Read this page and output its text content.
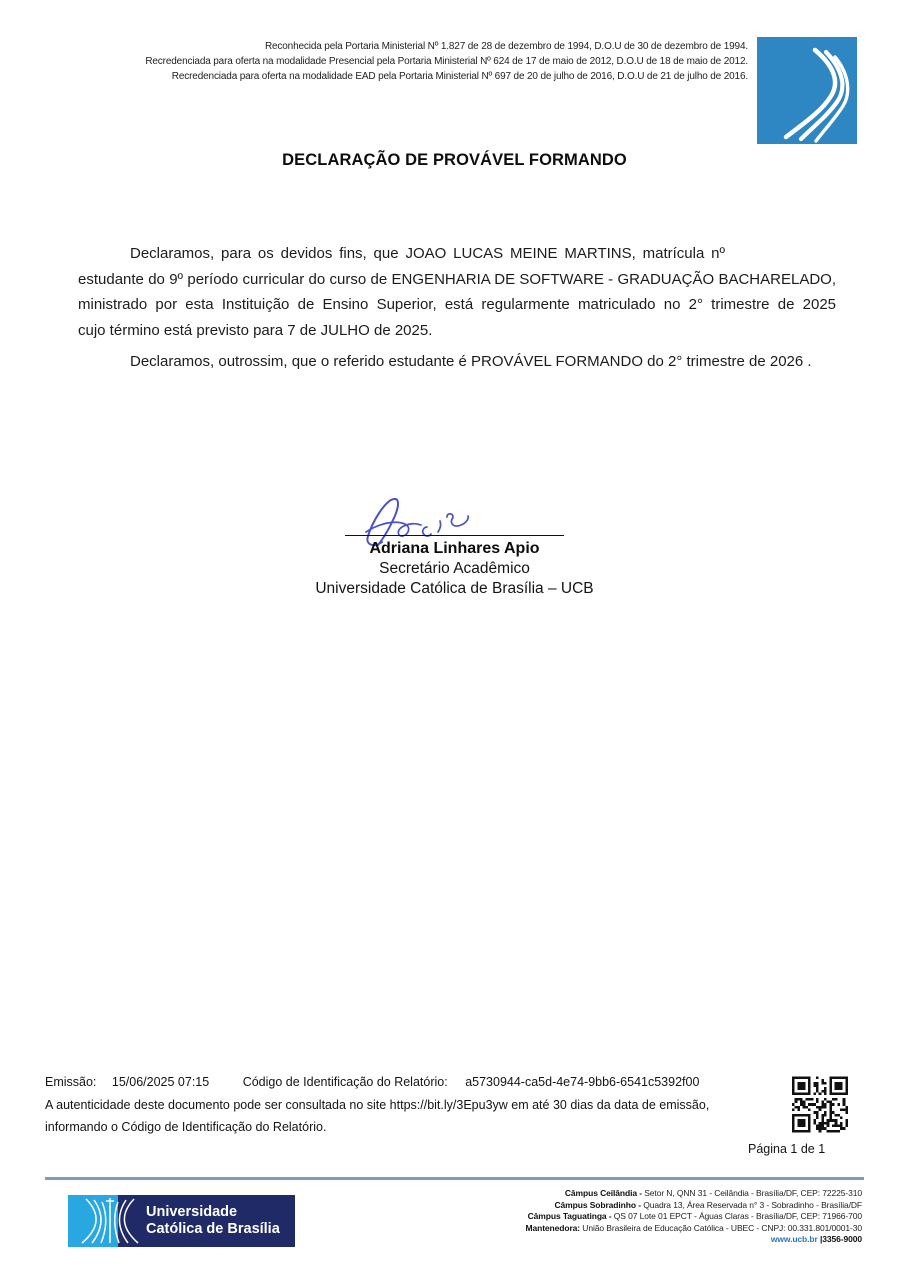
Reconhecida pela Portaria Ministerial Nº 1.827 de 28 de dezembro de 1994, D.O.U de 30 de dezembro de 1994.
Recredenciada para oferta na modalidade Presencial pela Portaria Ministerial Nº 624 de 17 de maio de 2012, D.O.U de 18 de maio de 2012.
Recredenciada para oferta na modalidade EAD pela Portaria Ministerial Nº 697 de 20 de julho de 2016, D.O.U de 21 de julho de 2016.
DECLARAÇÃO DE PROVÁVEL FORMANDO
Declaramos, para os devidos fins, que JOAO LUCAS MEINE MARTINS, matrícula nº
estudante do 9º período curricular do curso de ENGENHARIA DE SOFTWARE - GRADUAÇÃO BACHARELADO,
ministrado por esta Instituição de Ensino Superior, está regularmente matriculado no 2° trimestre de 2025
cujo término está previsto para 7 de JULHO de 2025.
Declaramos, outrossim, que o referido estudante é PROVÁVEL FORMANDO do 2° trimestre de 2026 .
Adriana Linhares Apio
Secretário Acadêmico
Universidade Católica de Brasília – UCB
Emissão: 15/06/2025 07:15	Código de Identificação do Relatório: a5730944-ca5d-4e74-9bb6-6541c5392f00
A autenticidade deste documento pode ser consultada no site https://bit.ly/3Epu3yw em até 30 dias da data de emissão,
informando o Código de Identificação do Relatório.
Página 1 de 1
Universidade
Católica de Brasília
Câmpus Ceilândia - Setor N, QNN 31 - Ceilândia - Brasília/DF, CEP: 72225-310
Câmpus Sobradinho - Quadra 13, Área Reservada n° 3 - Sobradinho - Brasília/DF
Câmpus Taguatinga - QS 07 Lote 01 EPCT - Águas Claras - Brasília/DF, CEP: 71966-700
Mantenedora: União Brasileira de Educação Católica - UBEC - CNPJ: 00.331.801/0001-30
www.ucb.br |3356-9000
